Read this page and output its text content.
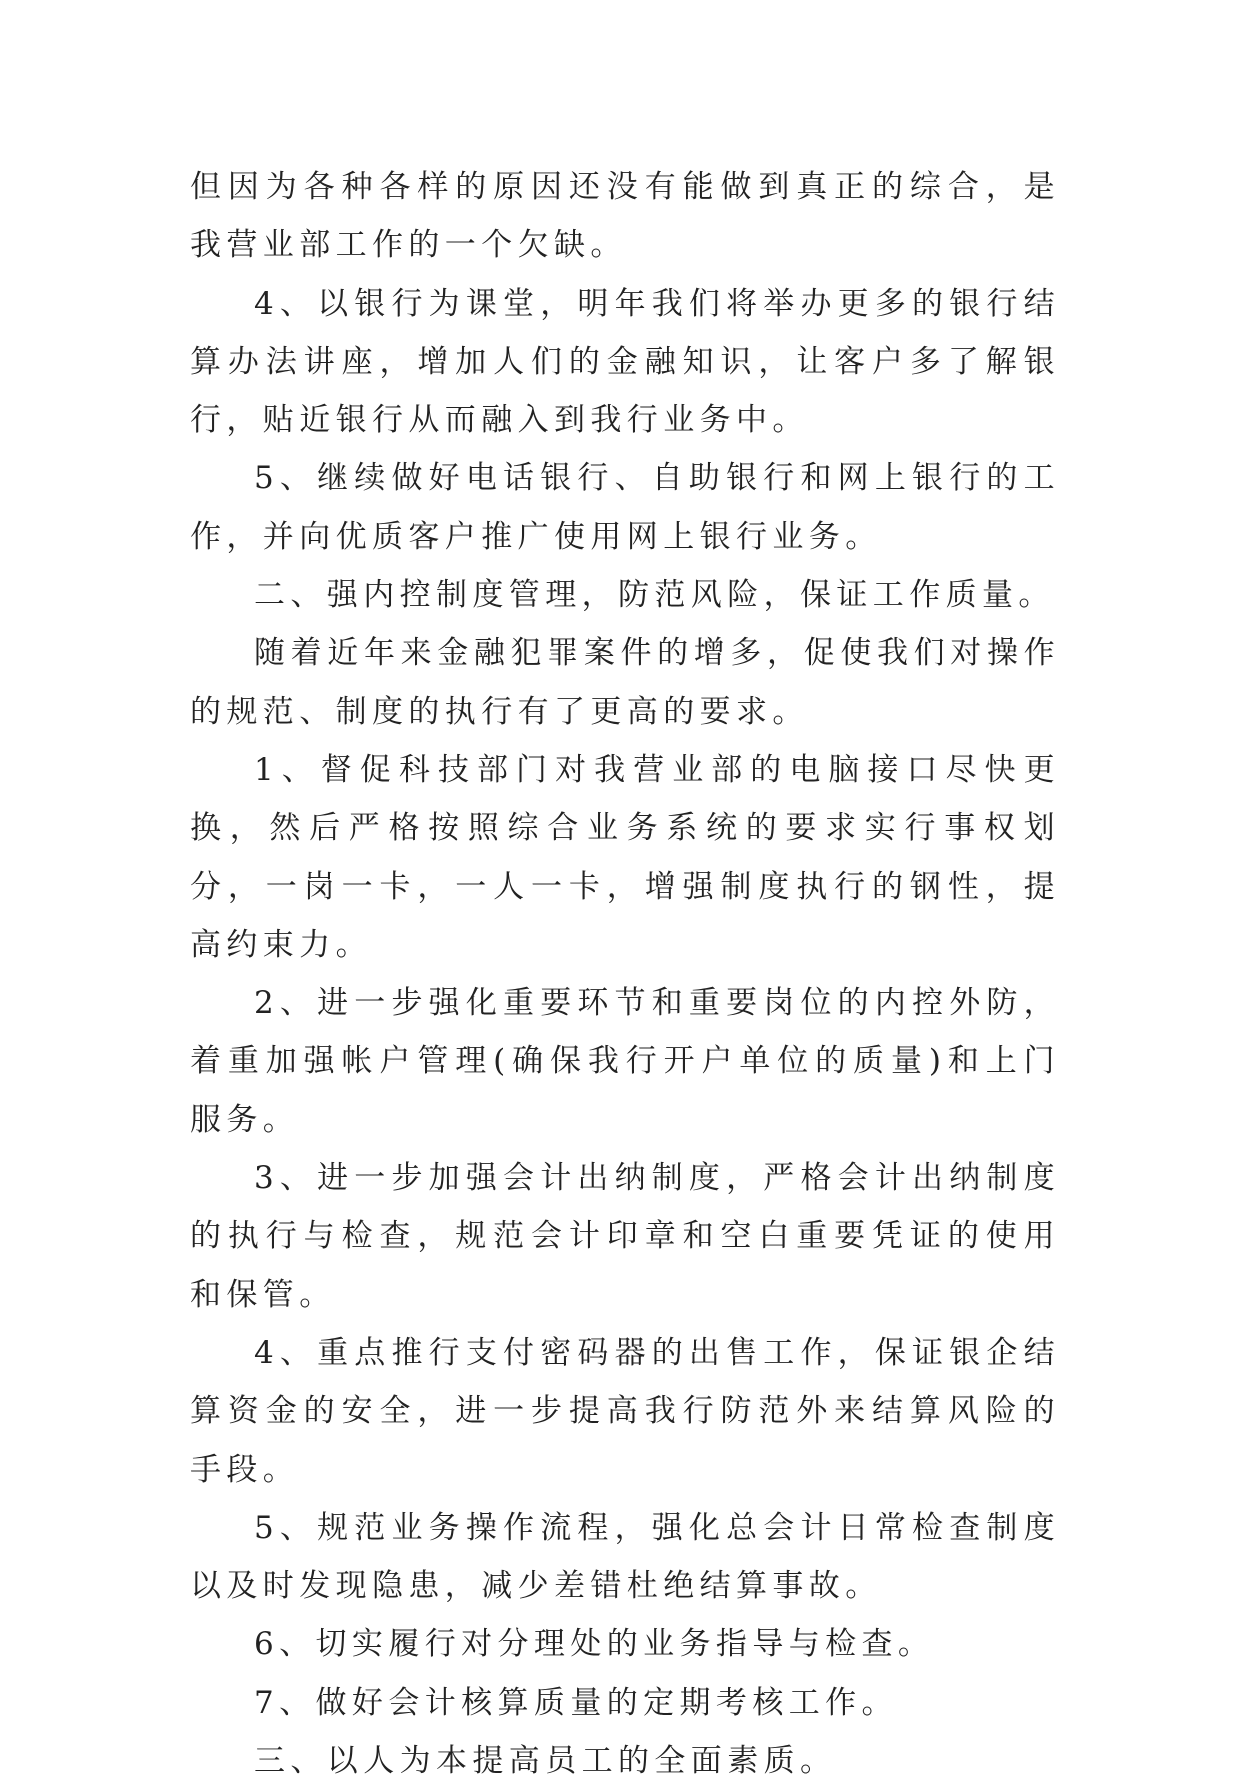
但因为各种各样的原因还没有能做到真正的综合，是我营业部工作的一个欠缺。

4、以银行为课堂，明年我们将举办更多的银行结算办法讲座，增加人们的金融知识，让客户多了解银行，贴近银行从而融入到我行业务中。

5、继续做好电话银行、自助银行和网上银行的工作，并向优质客户推广使用网上银行业务。

二、强内控制度管理，防范风险，保证工作质量。

随着近年来金融犯罪案件的增多，促使我们对操作的规范、制度的执行有了更高的要求。

1、督促科技部门对我营业部的电脑接口尽快更换，然后严格按照综合业务系统的要求实行事权划分，一岗一卡，一人一卡，增强制度执行的钢性，提高约束力。

2、进一步强化重要环节和重要岗位的内控外防，着重加强帐户管理(确保我行开户单位的质量)和上门服务。

3、进一步加强会计出纳制度，严格会计出纳制度的执行与检查，规范会计印章和空白重要凭证的使用和保管。

4、重点推行支付密码器的出售工作，保证银企结算资金的安全，进一步提高我行防范外来结算风险的手段。

5、规范业务操作流程，强化总会计日常检查制度以及时发现隐患，减少差错杜绝结算事故。

6、切实履行对分理处的业务指导与检查。

7、做好会计核算质量的定期考核工作。

三、以人为本提高员工的全面素质。
